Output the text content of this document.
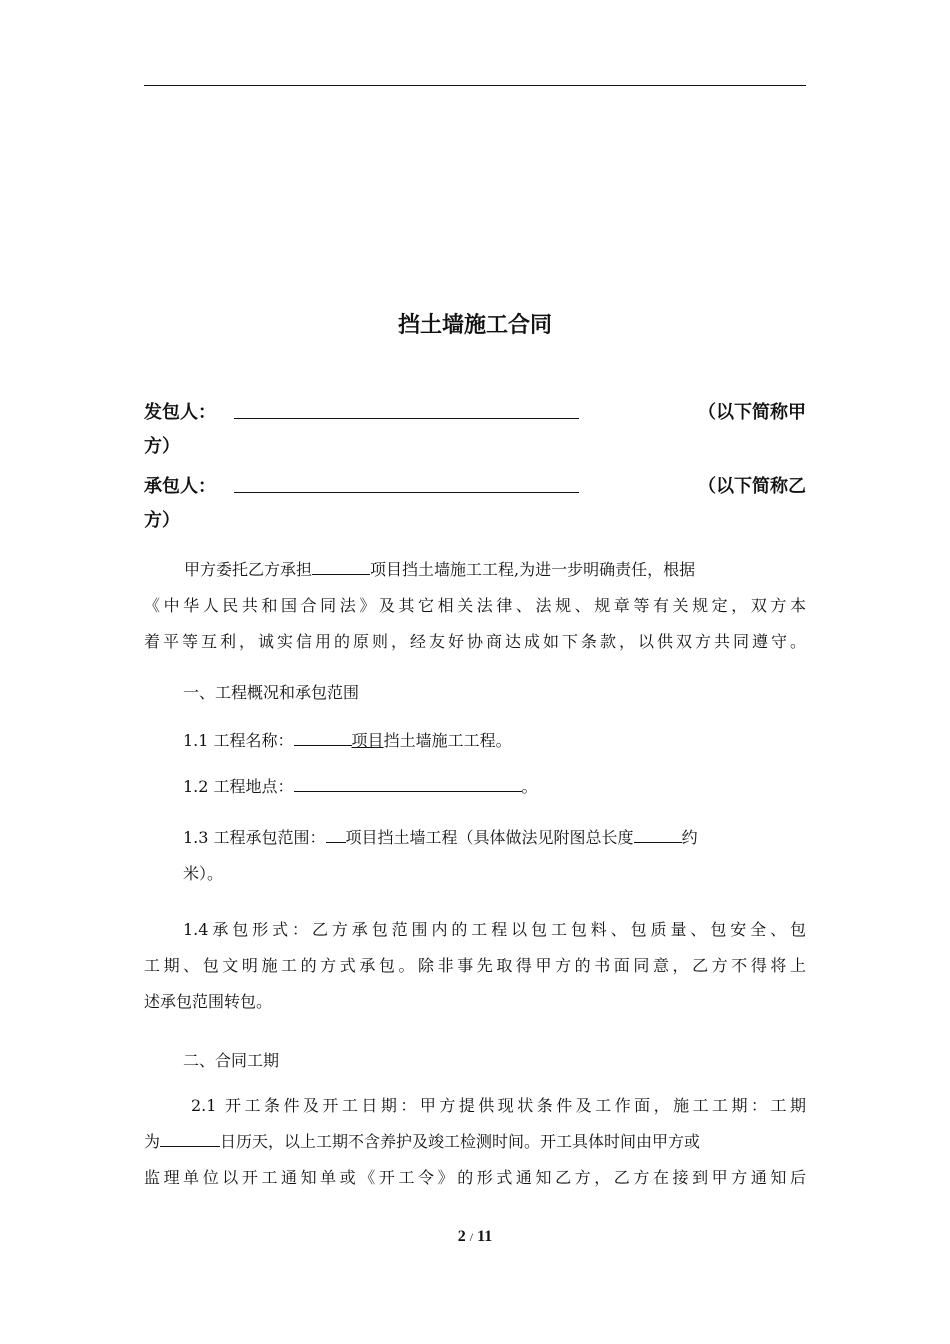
挡土墙施工合同
发包人：	（以下简称甲
方）
承包人：	（以下简称乙
方）
甲方委托乙方承担	项目挡土墙施工工程,为进一步明确责任，根据
《中华人民共和国合同法》及其它相关法律、法规、规章等有关规定，双方本
着平等互利，诚实信用的原则，经友好协商达成如下条款，以供双方共同遵守。
一、工程概况和承包范围
1.1 工程名称：	项目挡土墙施工工程。
1.2 工程地点：	。
1.3 工程承包范围： 项目挡土墙工程（具体做法见附图总长度	约
米）。
1.4承包形式：乙方承包范围内的工程以包工包料、包质量、包安全、包
工期、包文明施工的方式承包。除非事先取得甲方的书面同意，乙方不得将上
述承包范围转包。
二、合同工期
2.1 开工条件及开工日期：甲方提供现状条件及工作面，施工工期：工期
为	日历天，以上工期不含养护及竣工检测时间。开工具体时间由甲方或
监理单位以开工通知单或《开工令》的形式通知乙方，乙方在接到甲方通知后
2 / 11
